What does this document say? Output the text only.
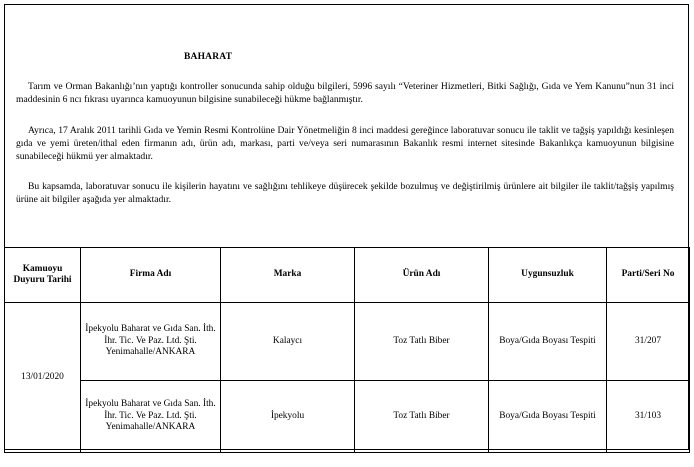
BAHARAT
Tarım ve Orman Bakanlığı’nın yaptığı kontroller sonucunda sahip olduğu bilgileri, 5996 sayılı “Veteriner Hizmetleri, Bitki Sağlığı, Gıda ve Yem Kanunu”nun 31 inci maddesinin 6 ncı fıkrası uyarınca kamuoyunun bilgisine sunabileceği hükme bağlanmıştır.
Ayrıca, 17 Aralık 2011 tarihli Gıda ve Yemin Resmi Kontrolüne Dair Yönetmeliğin 8 inci maddesi gereğince laboratuvar sonucu ile taklit ve tağşiş yapıldığı kesinleşen gıda ve yemi üreten/ithal eden firmanın adı, ürün adı, markası, parti ve/veya seri numarasının Bakanlık resmi internet sitesinde Bakanlıkça kamuoyunun bilgisine sunabileceği hükmü yer almaktadır.
Bu kapsamda, laboratuvar sonucu ile kişilerin hayatını ve sağlığını tehlikeye düşürecek şekilde bozulmuş ve değiştirilmiş ürünlere ait bilgiler ile taklit/tağşiş yapılmış ürüne ait bilgiler aşağıda yer almaktadır.
Kamuoyu Duyuru Tarihi	Firma Adı	Marka	Ürün Adı	Uygunsuzluk	Parti/Seri No
13/01/2020	İpekyolu Baharat ve Gıda San. İth. İhr. Tic. Ve Paz. Ltd. Şti. Yenimahalle/ANKARA	Kalaycı	Toz Tatlı Biber	Boya/Gıda Boyası Tespiti	31/207
	İpekyolu Baharat ve Gıda San. İth. İhr. Tic. Ve Paz. Ltd. Şti. Yenimahalle/ANKARA	İpekyolu	Toz Tatlı Biber	Boya/Gıda Boyası Tespiti	31/103
